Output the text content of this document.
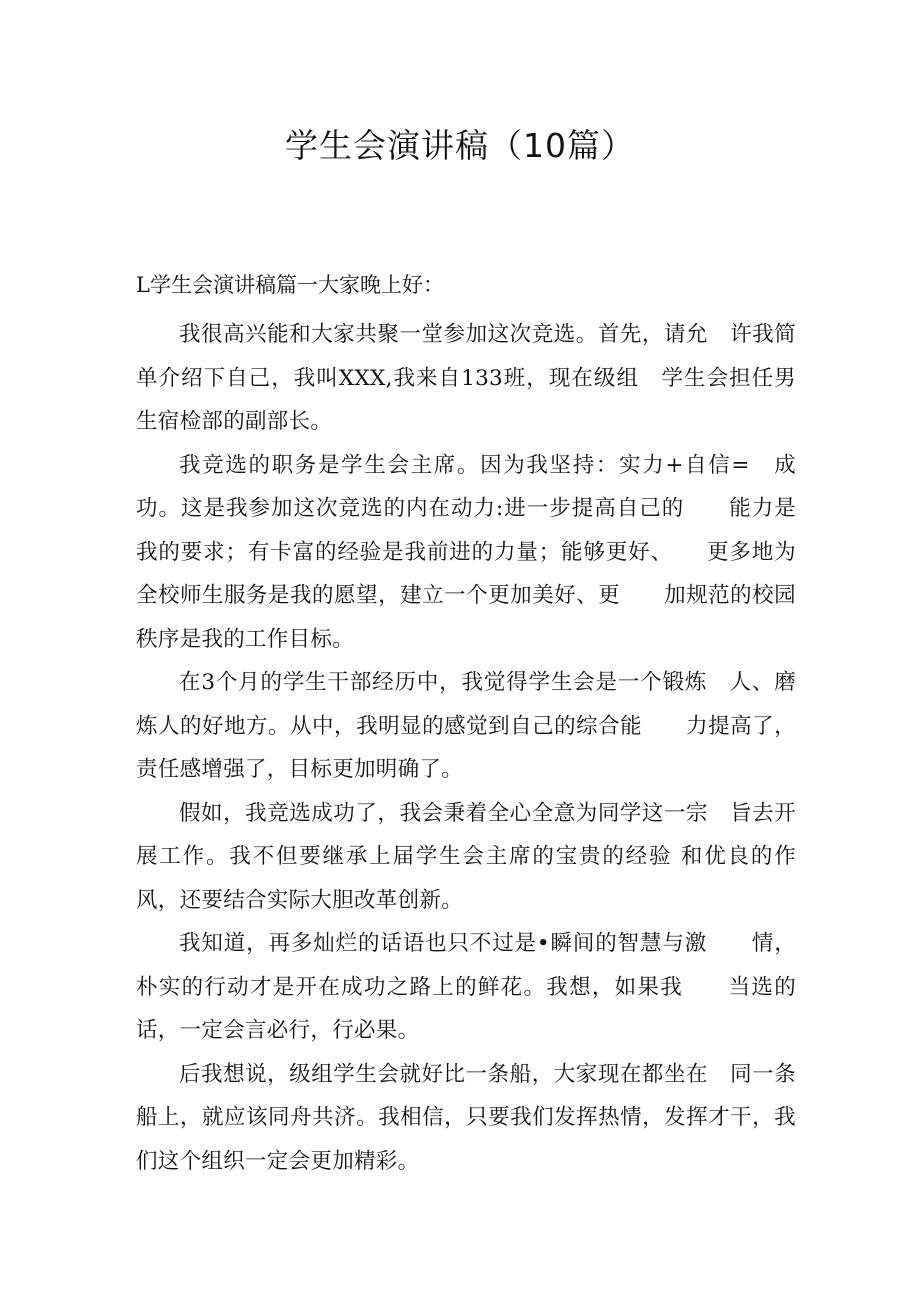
学生会演讲稿（10篇）

L学生会演讲稿篇一大家晚上好：

我很高兴能和大家共聚一堂参加这次竞选。首先，请允　许我简单介绍下自己，我叫XXX,我来自133班，现在级组　学生会担任男生宿检部的副部长。

我竞选的职务是学生会主席。因为我坚持：实力+自信=　成功。这是我参加这次竞选的内在动力:进一步提高自己的　　能力是我的要求；有卡富的经验是我前进的力量；能够更好、　　更多地为全校师生服务是我的愿望，建立一个更加美好、更　　加规范的校园秩序是我的工作目标。

在3个月的学生干部经历中，我觉得学生会是一个锻炼　人、磨炼人的好地方。从中，我明显的感觉到自己的综合能　　力提高了，责任感增强了，目标更加明确了。

假如，我竞选成功了，我会秉着全心全意为同学这一宗　旨去开展工作。我不但要继承上届学生会主席的宝贵的经验 和优良的作风，还要结合实际大胆改革创新。

我知道，再多灿烂的话语也只不过是•瞬间的智慧与激　　情，朴实的行动才是开在成功之路上的鲜花。我想，如果我　　当选的话，一定会言必行，行必果。

后我想说，级组学生会就好比一条船，大家现在都坐在　同一条船上，就应该同舟共济。我相信，只要我们发挥热情，发挥才干，我们这个组织一定会更加精彩。
